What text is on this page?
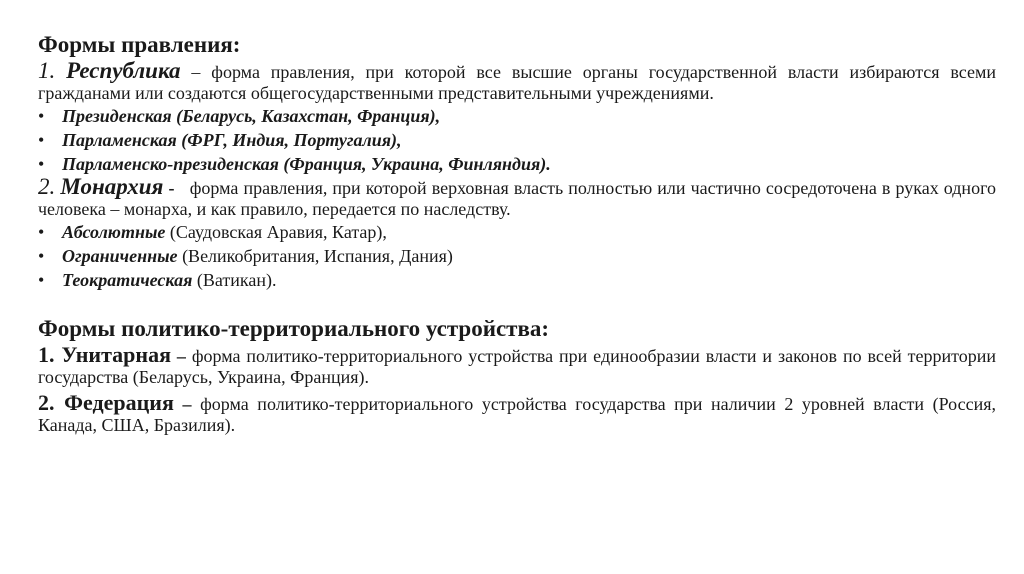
Формы правления:

1. Республика – форма правления, при которой все высшие органы государственной власти избираются всеми гражданами или создаются общегосударственными представительными учреждениями.

• Президенская (Беларусь, Казахстан, Франция),
• Парламенская (ФРГ, Индия, Португалия),
• Парламенско-президенская (Франция, Украина, Финляндия).

2. Монархия -   форма правления, при которой верховная власть полностью или частично сосредоточена в руках одного человека – монарха, и как правило, передается по наследству.

• Абсолютные (Саудовская Аравия, Катар),
• Ограниченные (Великобритания, Испания, Дания)
• Теократическая (Ватикан).
Формы политико-территориального устройства:

1. Унитарная – форма политико-территориального устройства при единообразии власти и законов по всей территории государства (Беларусь, Украина, Франция).

2. Федерация – форма политико-территориального устройства государства при наличии 2 уровней власти (Россия, Канада, США, Бразилия).
